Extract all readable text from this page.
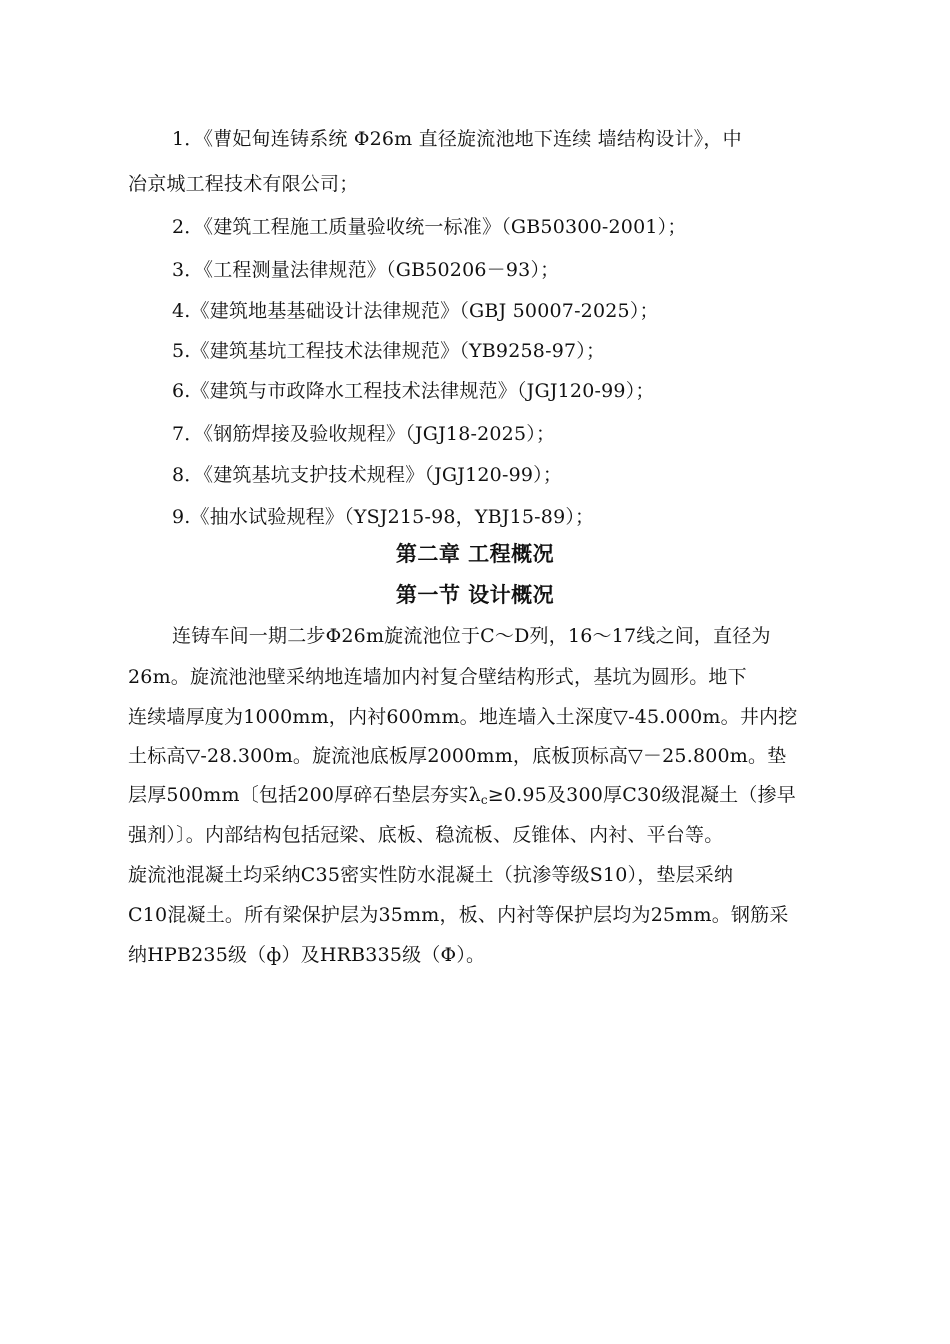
1．《曹妃甸连铸系统 Φ26m 直径旋流池地下连续 墙结构设计》，中
冶京城工程技术有限公司；
2．《建筑工程施工质量验收统一标准》（GB50300-2001）；
3．《工程测量法律规范》（GB50206－93）；
4.《建筑地基基础设计法律规范》（GBJ 50007-2025）；
5.《建筑基坑工程技术法律规范》（YB9258-97）；
6.《建筑与市政降水工程技术法律规范》（JGJ120-99）；
7．《钢筋焊接及验收规程》（JGJ18-2025）；
8．《建筑基坑支护技术规程》（JGJ120-99）；
9.《抽水试验规程》（YSJ215-98，YBJ15-89）；
第二章 工程概况
第一节 设计概况
连铸车间一期二步Φ26m旋流池位于C～D列，16～17线之间，直径为
26m。旋流池池壁采纳地连墙加内衬复合壁结构形式，基坑为圆形。地下
连续墙厚度为1000mm，内衬600mm。地连墙入土深度▽-45.000m。井内挖
土标高▽-28.300m。旋流池底板厚2000mm，底板顶标高▽－25.800m。垫
层厚500mm〔包括200厚碎石垫层夯实$\lambda_c\ge 0.95$及300厚C30级混凝土（掺早
强剂）〕。内部结构包括冠梁、底板、稳流板、反锥体、内衬、平台等。
旋流池混凝土均采纳C35密实性防水混凝土（抗渗等级S10），垫层采纳
C10混凝土。所有梁保护层为35mm，板、内衬等保护层均为25mm。钢筋采
纳HPB235级（ф）及HRB335级（Φ）。
